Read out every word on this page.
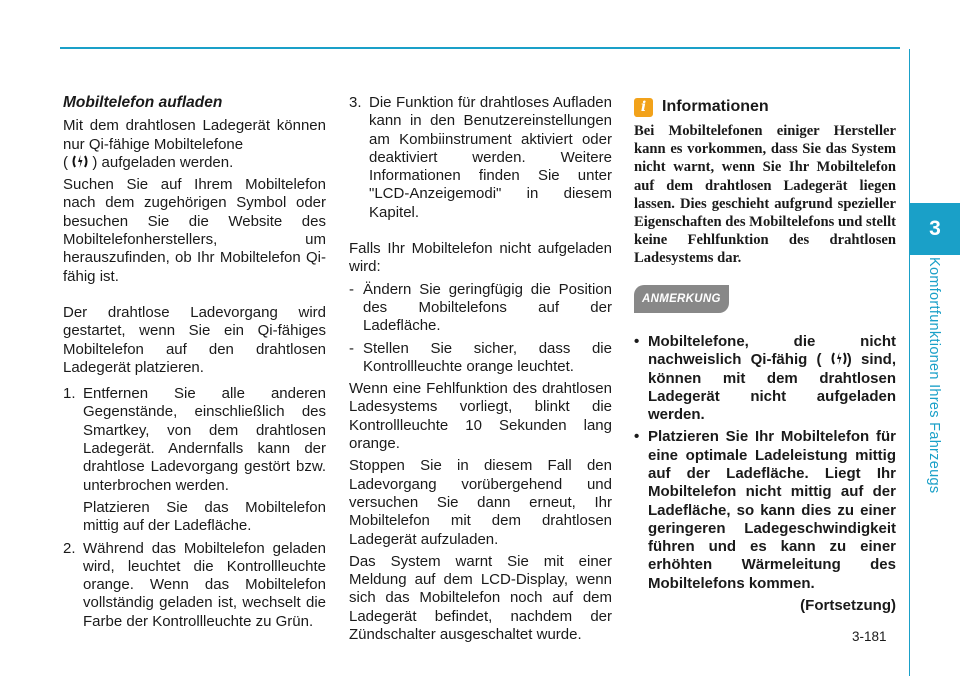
3
Komfortfunktionen Ihres Fahrzeugs
Mobiltelefon aufladen

Mit dem drahtlosen Ladegerät können nur Qi-fähige Mobiltelefone
( ) aufgeladen werden.

Suchen Sie auf Ihrem Mobiltelefon nach dem zugehörigen Symbol oder besuchen Sie die Website des Mobiltelefonherstellers, um herauszufinden, ob Ihr Mobiltelefon Qi-fähig ist.

Der drahtlose Ladevorgang wird gestartet, wenn Sie ein Qi-fähiges Mobiltelefon auf den drahtlosen Ladegerät platzieren.

1. Entfernen Sie alle anderen Gegenstände, einschließlich des Smartkey, von dem drahtlosen Ladegerät. Andernfalls kann der drahtlose Ladevorgang gestört bzw. unterbrochen werden.

Platzieren Sie das Mobiltelefon mittig auf der Ladefläche.

2. Während das Mobiltelefon geladen wird, leuchtet die Kontrollleuchte orange. Wenn das Mobiltelefon vollständig geladen ist, wechselt die Farbe der Kontrollleuchte zu Grün.
3. Die Funktion für drahtloses Aufladen kann in den Benutzereinstellungen am Kombiinstrument aktiviert oder deaktiviert werden. Weitere Informationen finden Sie unter "LCD-Anzeigemodi" in diesem Kapitel.

Falls Ihr Mobiltelefon nicht aufgeladen wird:

- Ändern Sie geringfügig die Position des Mobiltelefons auf der Ladefläche.
- Stellen Sie sicher, dass die Kontrollleuchte orange leuchtet.

Wenn eine Fehlfunktion des drahtlosen Ladesystems vorliegt, blinkt die Kontrollleuchte 10 Sekunden lang orange.

Stoppen Sie in diesem Fall den Ladevorgang vorübergehend und versuchen Sie dann erneut, Ihr Mobiltelefon mit dem drahtlosen Ladegerät aufzuladen.

Das System warnt Sie mit einer Meldung auf dem LCD-Display, wenn sich das Mobiltelefon noch auf dem Ladegerät befindet, nachdem der Zündschalter ausgeschaltet wurde.

i Informationen

Bei Mobiltelefonen einiger Hersteller kann es vorkommen, dass Sie das System nicht warnt, wenn Sie Ihr Mobiltelefon auf dem drahtlosen Ladegerät liegen lassen. Dies geschieht aufgrund spezieller Eigenschaften des Mobiltelefons und stellt keine Fehlfunktion des drahtlosen Ladesystems dar.

ANMERKUNG
• Mobiltelefone, die nicht nachweislich Qi-fähig ( ) sind, können mit dem drahtlosen Ladegerät nicht aufgeladen werden.
• Platzieren Sie Ihr Mobiltelefon für eine optimale Ladeleistung mittig auf der Ladefläche. Liegt Ihr Mobiltelefon nicht mittig auf der Ladefläche, so kann dies zu einer geringeren Ladegeschwindigkeit führen und es kann zu einer erhöhten Wärmeleitung des Mobiltelefons kommen.
(Fortsetzung)
3-181
